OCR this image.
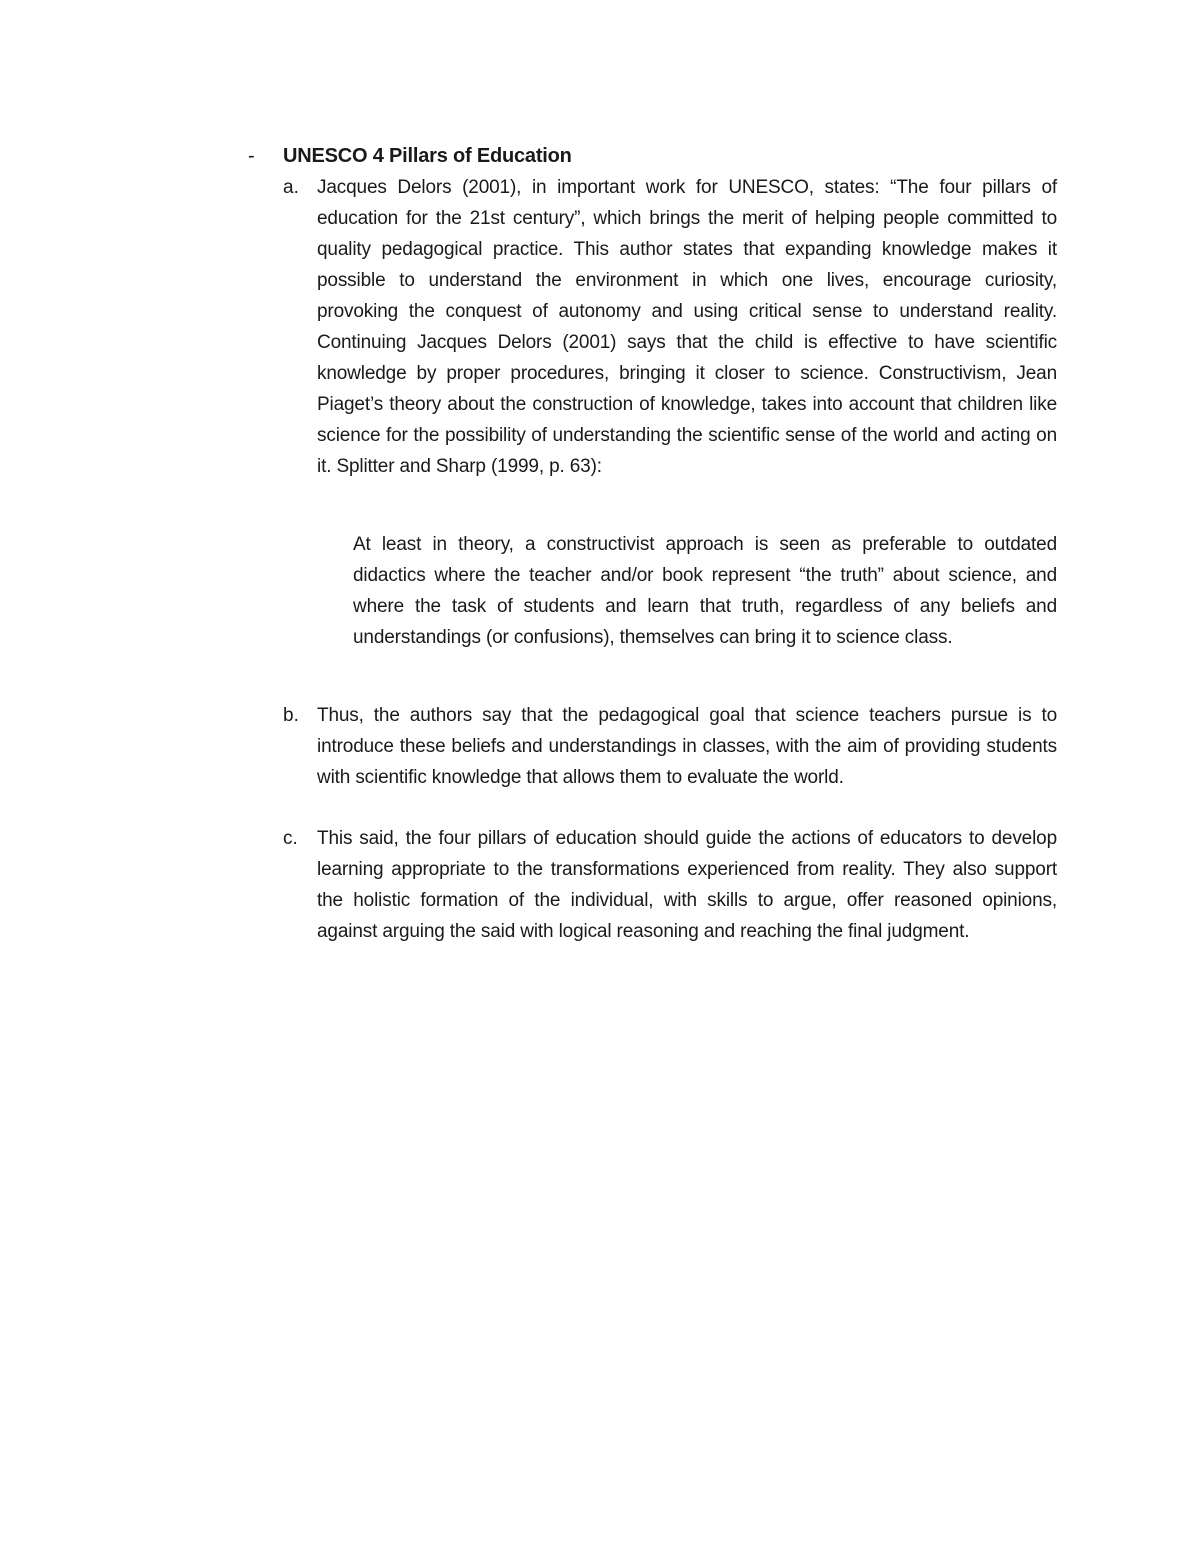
- UNESCO 4 Pillars of Education
a. Jacques Delors (2001), in important work for UNESCO, states: “The four pillars of education for the 21st century”, which brings the merit of helping people committed to quality pedagogical practice. This author states that expanding knowledge makes it possible to understand the environment in which one lives, encourage curiosity, provoking the conquest of autonomy and using critical sense to understand reality. Continuing Jacques Delors (2001) says that the child is effective to have scientific knowledge by proper procedures, bringing it closer to science. Constructivism, Jean Piaget’s theory about the construction of knowledge, takes into account that children like science for the possibility of understanding the scientific sense of the world and acting on it. Splitter and Sharp (1999, p. 63):
At least in theory, a constructivist approach is seen as preferable to outdated didactics where the teacher and/or book represent “the truth” about science, and where the task of students and learn that truth, regardless of any beliefs and understandings (or confusions), themselves can bring it to science class.
b. Thus, the authors say that the pedagogical goal that science teachers pursue is to introduce these beliefs and understandings in classes, with the aim of providing students with scientific knowledge that allows them to evaluate the world.
c. This said, the four pillars of education should guide the actions of educators to develop learning appropriate to the transformations experienced from reality. They also support the holistic formation of the individual, with skills to argue, offer reasoned opinions, against arguing the said with logical reasoning and reaching the final judgment.
